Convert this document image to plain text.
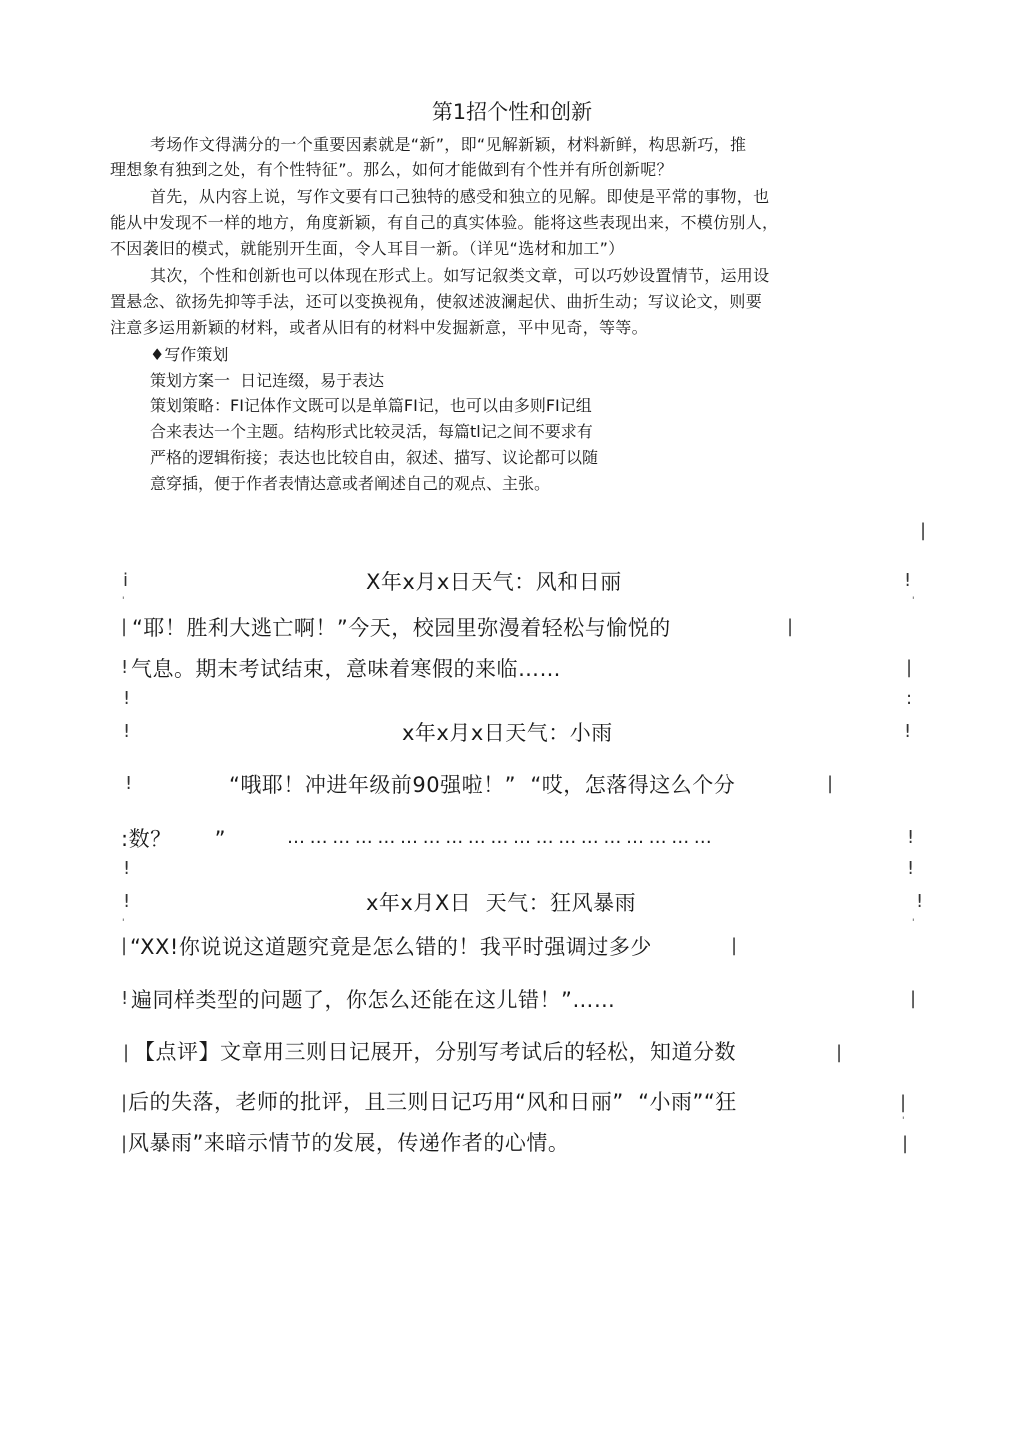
第1招个性和创新
考场作文得满分的一个重要因素就是“新”，即“见解新颖，材料新鲜，构思新巧，推
理想象有独到之处，有个性特征”。那么，如何才能做到有个性并有所创新呢？
首先，从内容上说，写作文要有口己独特的感受和独立的见解。即使是平常的事物，也
能从中发现不一样的地方，角度新颖，有自己的真实体验。能将这些表现出来，不模仿别人，
不因袭旧的模式，就能别开生面，令人耳目一新。（详见“选材和加工”）
其次，个性和创新也可以体现在形式上。如写记叙类文章，可以巧妙设置情节，运用设
置悬念、欲扬先抑等手法，还可以变换视角，使叙述波澜起伏、曲折生动；写议论文，则要
注意多运用新颖的材料，或者从旧有的材料中发掘新意，平中见奇，等等。
♦写作策划
策划方案一  日记连缀，易于表达
策划策略：FI记体作文既可以是单篇FI记，也可以由多则FI记组
合来表达一个主题。结构形式比较灵活，每篇tl记之间不要求有
严格的逻辑衔接；表达也比较自由，叙述、描写、议论都可以随
意穿插，便于作者表情达意或者阐述自己的观点、主张。
|
i	X年x月x日天气：风和日丽	!
'	'
| “耶！胜利大逃亡啊！”今天，校园里弥漫着轻松与愉悦的	|
! 气息。期末考试结束，意味着寒假的来临……	|
!	:
!	x年x月x日天气：小雨	!
!	“哦耶！冲进年级前90强啦！”  “哎，怎落得这么个分	|
:数？      ”	…………………………………………………	!
!	!
!	x年x月X日  天气：狂风暴雨	!
'	'
| “XX!你说说这道题究竟是怎么错的！我平时强调过多少	|
! 遍同样类型的问题了，你怎么还能在这儿错！”……	|
| 【点评】文章用三则日记展开，分别写考试后的轻松，知道分数	|
| 后的失落，老师的批评，且三则日记巧用“风和日丽”  “小雨”“狂	|
'
| 风暴雨”来暗示情节的发展，传递作者的心情。	|
